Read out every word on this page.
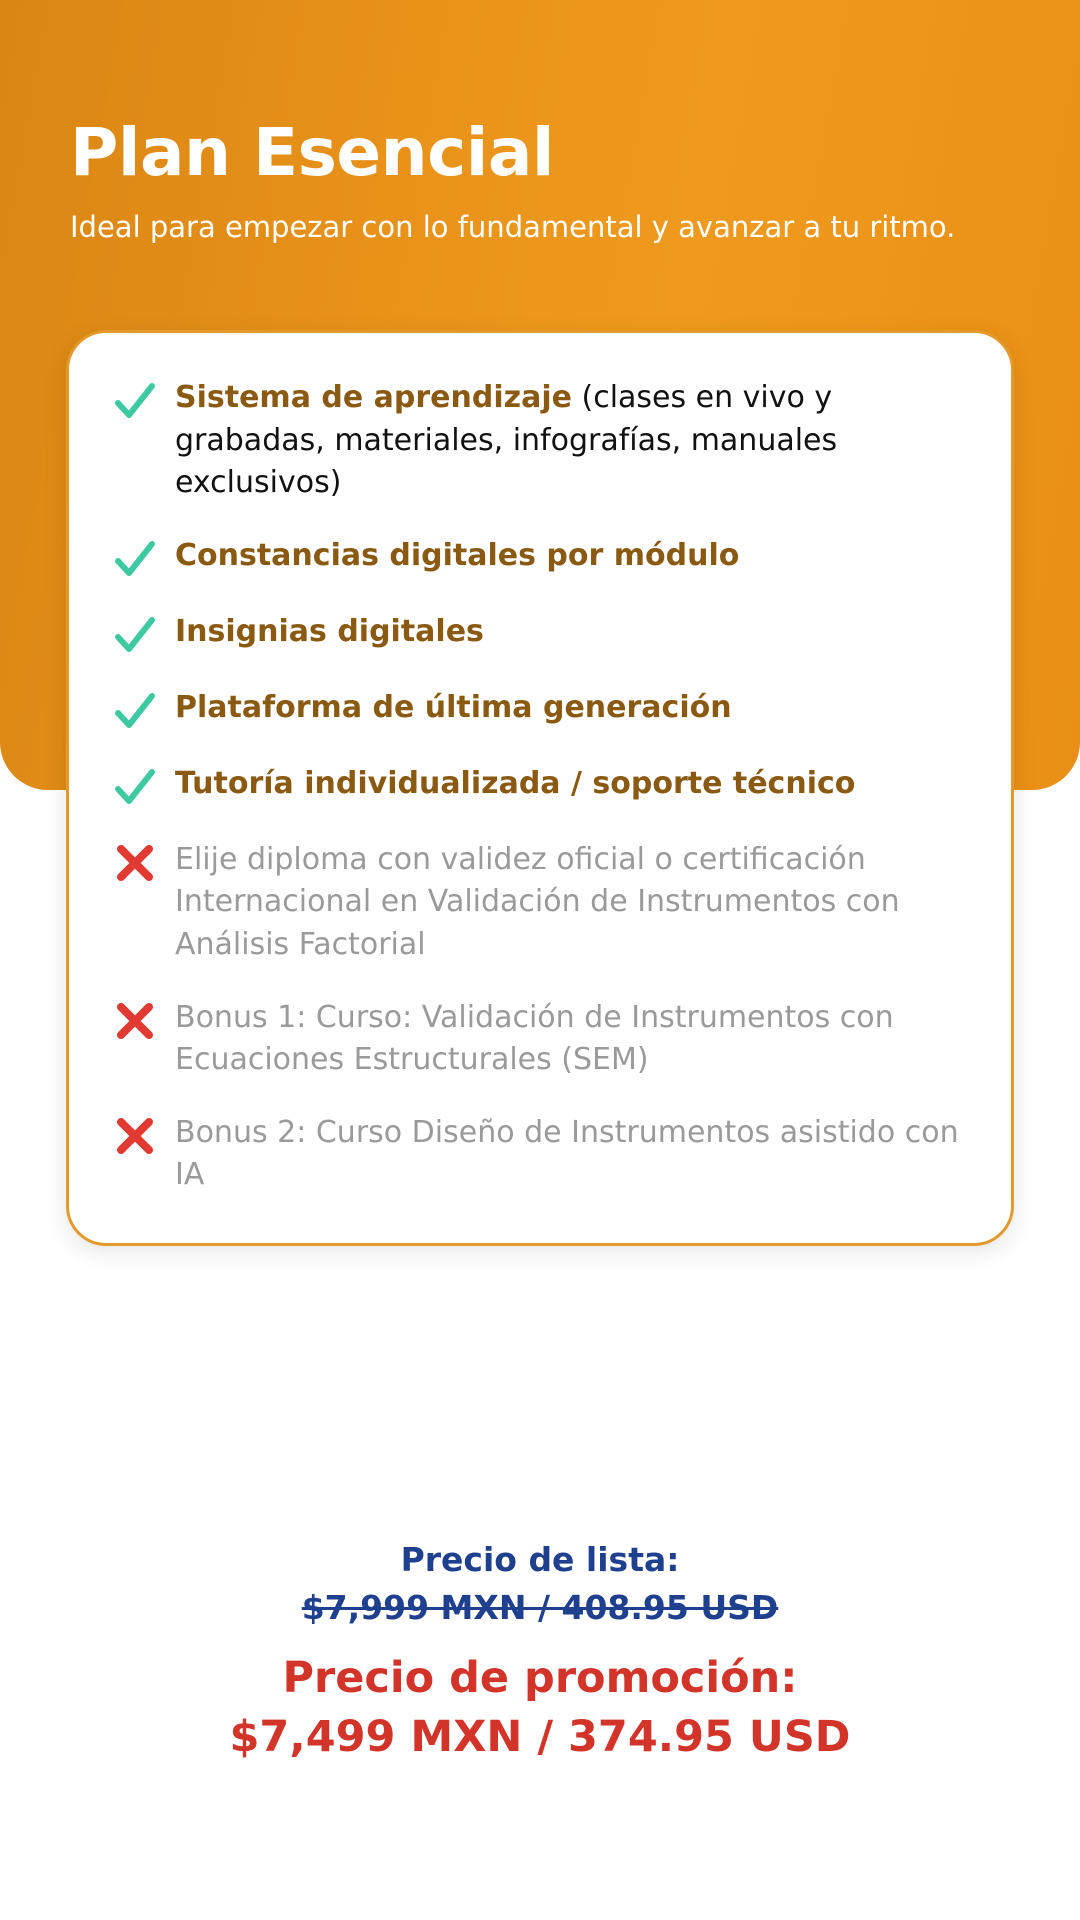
Plan Esencial
Ideal para empezar con lo fundamental y avanzar a tu ritmo.
Sistema de aprendizaje (clases en vivo y grabadas, materiales, infografías, manuales exclusivos)
Constancias digitales por módulo
Insignias digitales
Plataforma de última generación
Tutoría individualizada / soporte técnico
Elije diploma con validez oficial o certificación Internacional en Validación de Instrumentos con Análisis Factorial
Bonus 1: Curso: Validación de Instrumentos con Ecuaciones Estructurales (SEM)
Bonus 2: Curso Diseño de Instrumentos asistido con IA

Precio de lista:

$7,999 MXN / 408.95 USD

Precio de promoción:

$7,499 MXN / 374.95 USD
